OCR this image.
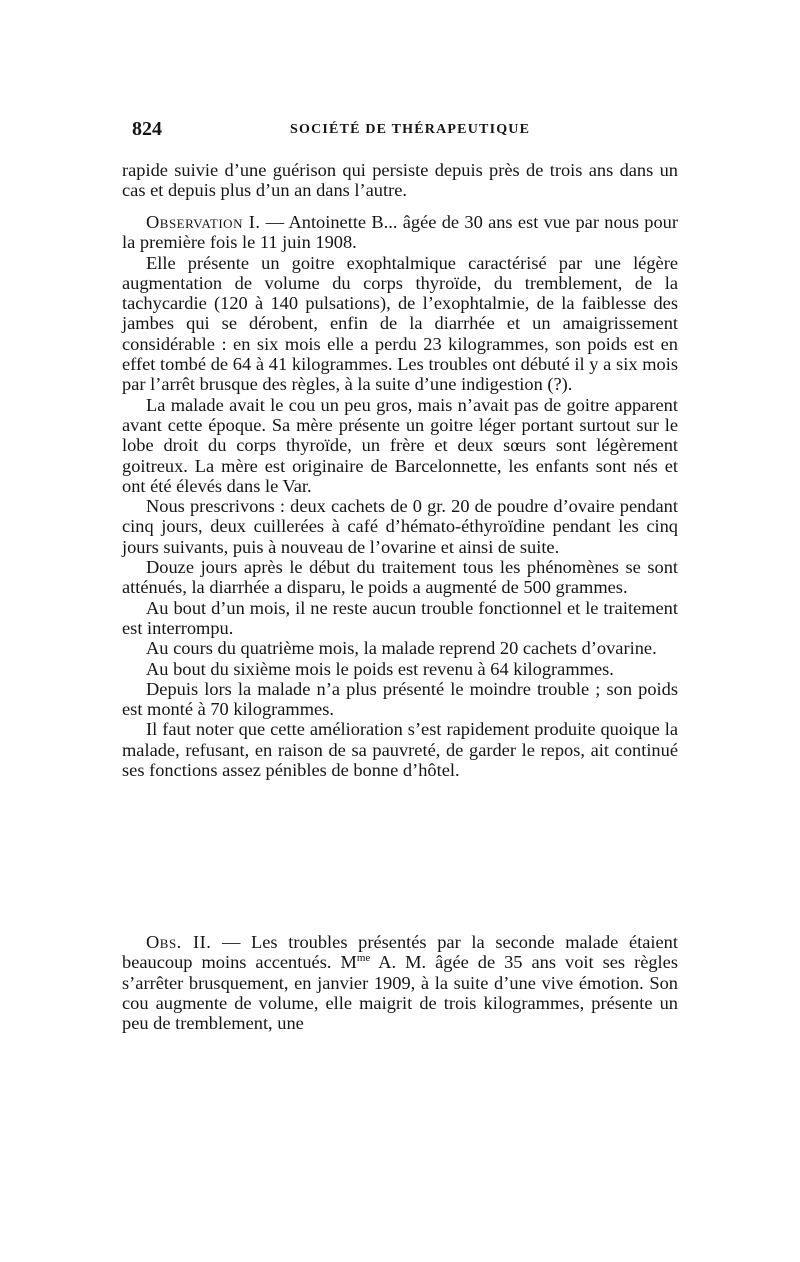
824	SOCIÉTÉ DE THÉRAPEUTIQUE

rapide suivie d’une guérison qui persiste depuis près de trois ans dans un cas et depuis plus d’un an dans l’autre.

Observation I. — Antoinette B... âgée de 30 ans est vue par nous pour la première fois le 11 juin 1908.

Elle présente un goitre exophtalmique caractérisé par une légère augmentation de volume du corps thyroïde, du tremblement, de la tachycardie (120 à 140 pulsations), de l’exophtalmie, de la faiblesse des jambes qui se dérobent, enfin de la diarrhée et un amaigrissement considérable : en six mois elle a perdu 23 kilogrammes, son poids est en effet tombé de 64 à 41 kilogrammes. Les troubles ont débuté il y a six mois par l’arrêt brusque des règles, à la suite d’une indigestion (?).

La malade avait le cou un peu gros, mais n’avait pas de goitre apparent avant cette époque. Sa mère présente un goitre léger portant surtout sur le lobe droit du corps thyroïde, un frère et deux sœurs sont légèrement goitreux. La mère est originaire de Barcelonnette, les enfants sont nés et ont été élevés dans le Var.

Nous prescrivons : deux cachets de 0 gr. 20 de poudre d’ovaire pendant cinq jours, deux cuillerées à café d’hémato-éthyroïdine pendant les cinq jours suivants, puis à nouveau de l’ovarine et ainsi de suite.

Douze jours après le début du traitement tous les phénomènes se sont atténués, la diarrhée a disparu, le poids a augmenté de 500 grammes.

Au bout d’un mois, il ne reste aucun trouble fonctionnel et le traitement est interrompu.

Au cours du quatrième mois, la malade reprend 20 cachets d’ovarine.

Au bout du sixième mois le poids est revenu à 64 kilogrammes.

Depuis lors la malade n’a plus présenté le moindre trouble ; son poids est monté à 70 kilogrammes.

Il faut noter que cette amélioration s’est rapidement produite quoique la malade, refusant, en raison de sa pauvreté, de garder le repos, ait continué ses fonctions assez pénibles de bonne d’hôtel.

Obs. II. — Les troubles présentés par la seconde malade étaient beaucoup moins accentués. $M^{me}$ A. M. âgée de 35 ans voit ses règles s’arrêter brusquement, en janvier 1909, à la suite d’une vive émotion. Son cou augmente de volume, elle maigrit de trois kilogrammes, présente un peu de tremblement, une
